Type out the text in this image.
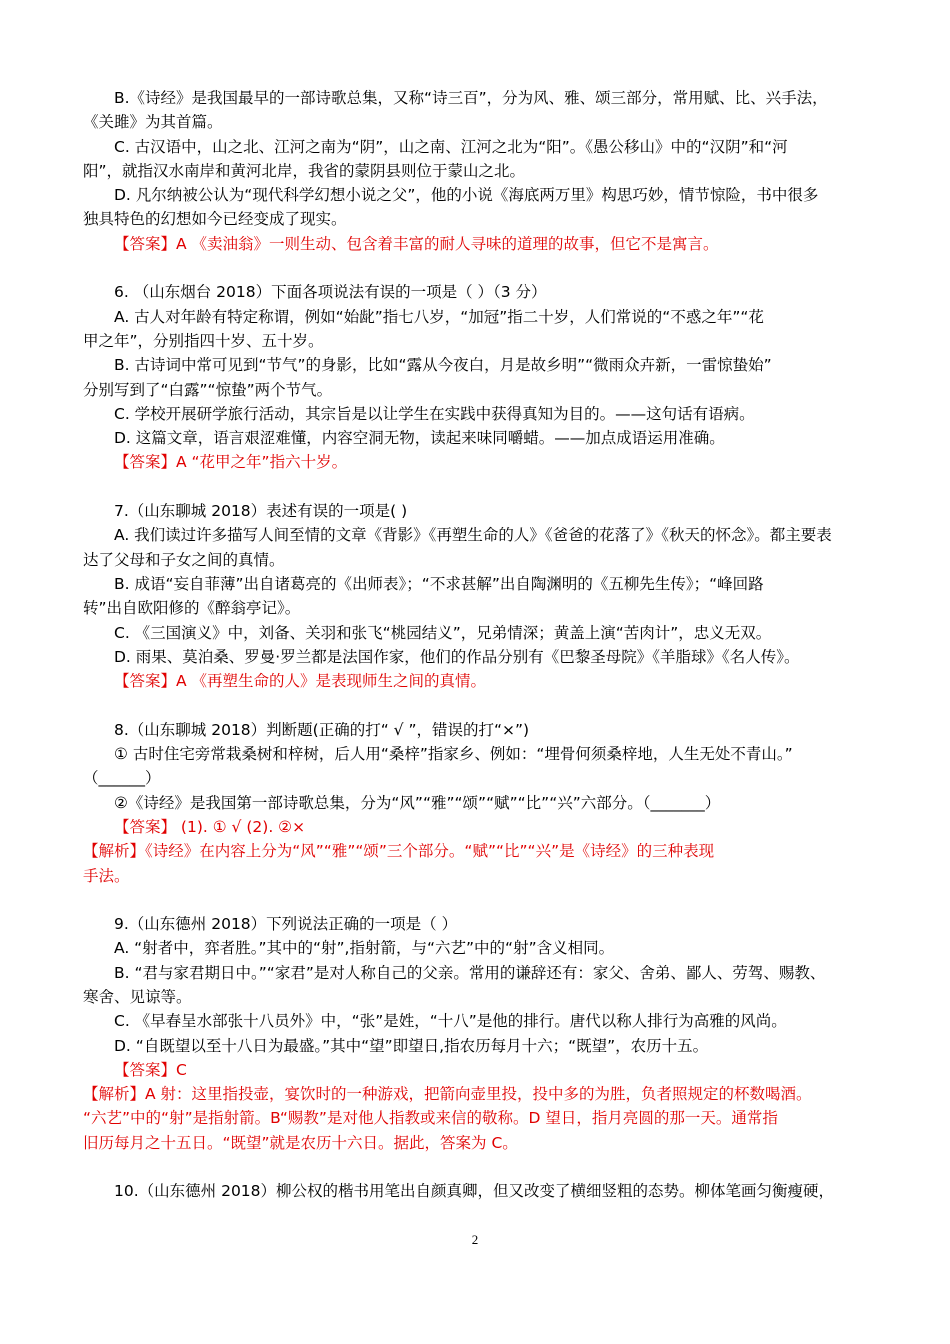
B.《诗经》是我国最早的一部诗歌总集，又称“诗三百”，分为风、雅、颂三部分，常用赋、比、兴手法，

《关雎》为其首篇。

C. 古汉语中，山之北、江河之南为“阴”，山之南、江河之北为“阳”。《愚公移山》中的“汉阴”和“河

阳”，就指汉水南岸和黄河北岸，我省的蒙阴县则位于蒙山之北。

D. 凡尔纳被公认为“现代科学幻想小说之父”，他的小说《海底两万里》构思巧妙，情节惊险，书中很多

独具特色的幻想如今已经变成了现实。

【答案】A 《卖油翁》一则生动、包含着丰富的耐人寻味的道理的故事，但它不是寓言。

6. （山东烟台 2018）下面各项说法有误的一项是（ ）（3 分）

A. 古人对年龄有特定称谓，例如“始龀”指七八岁，“加冠”指二十岁，人们常说的“不惑之年”“花

甲之年”，分别指四十岁、五十岁。

B. 古诗词中常可见到“节气”的身影，比如“露从今夜白，月是故乡明”“微雨众卉新，一雷惊蛰始”

分别写到了“白露”“惊蛰”两个节气。

C. 学校开展研学旅行活动，其宗旨是以让学生在实践中获得真知为目的。——这句话有语病。

D. 这篇文章，语言艰涩难懂，内容空洞无物，读起来味同嚼蜡。——加点成语运用准确。

【答案】A “花甲之年”指六十岁。

7.（山东聊城 2018）表述有误的一项是( )

A. 我们读过许多描写人间至情的文章《背影》《再塑生命的人》《爸爸的花落了》《秋天的怀念》。都主要表

达了父母和子女之间的真情。

B. 成语“妄自菲薄”出自诸葛亮的《出师表》；“不求甚解”出自陶渊明的《五柳先生传》；“峰回路

转”出自欧阳修的《醉翁亭记》。

C. 《三国演义》中，刘备、关羽和张飞“桃园结义”，兄弟情深；黄盖上演“苦肉计”，忠义无双。

D. 雨果、莫泊桑、罗曼·罗兰都是法国作家，他们的作品分别有《巴黎圣母院》《羊脂球》《名人传》。

【答案】A 《再塑生命的人》是表现师生之间的真情。

8.（山东聊城 2018）判断题(正确的打“ √ ”，错误的打“×”)

① 古时住宅旁常栽桑树和梓树，后人用“桑梓”指家乡、例如：“埋骨何须桑梓地，人生无处不青山。”

（______）

②《诗经》是我国第一部诗歌总集，分为“风”“雅”“颂”“赋”“比”“兴”六部分。（_______）

【答案】 (1). ① √ (2). ②×

【解析】《诗经》在内容上分为“风”“雅”“颂”三个部分。“赋”“比”“兴”是《诗经》的三种表现

手法。

9.（山东德州 2018）下列说法正确的一项是（ ）

A. “射者中，弈者胜。”其中的“射”,指射箭，与“六艺”中的“射”含义相同。

B. “君与家君期日中。”“家君”是对人称自己的父亲。常用的谦辞还有：家父、舍弟、鄙人、劳驾、赐教、

寒舍、见谅等。

C. 《早春呈水部张十八员外》中，“张”是姓，“十八”是他的排行。唐代以称人排行为高雅的风尚。

D. “自既望以至十八日为最盛。”其中“望”即望日,指农历每月十六；“既望”，农历十五。

【答案】C

【解析】A 射：这里指投壶，宴饮时的一种游戏，把箭向壶里投，投中多的为胜，负者照规定的杯数喝酒。

“六艺”中的“射”是指射箭。B“赐教”是对他人指教或来信的敬称。D 望日，指月亮圆的那一天。通常指

旧历每月之十五日。“既望”就是农历十六日。据此，答案为 C。

10.（山东德州 2018）柳公权的楷书用笔出自颜真卿，但又改变了横细竖粗的态势。柳体笔画匀衡瘦硬，

2
